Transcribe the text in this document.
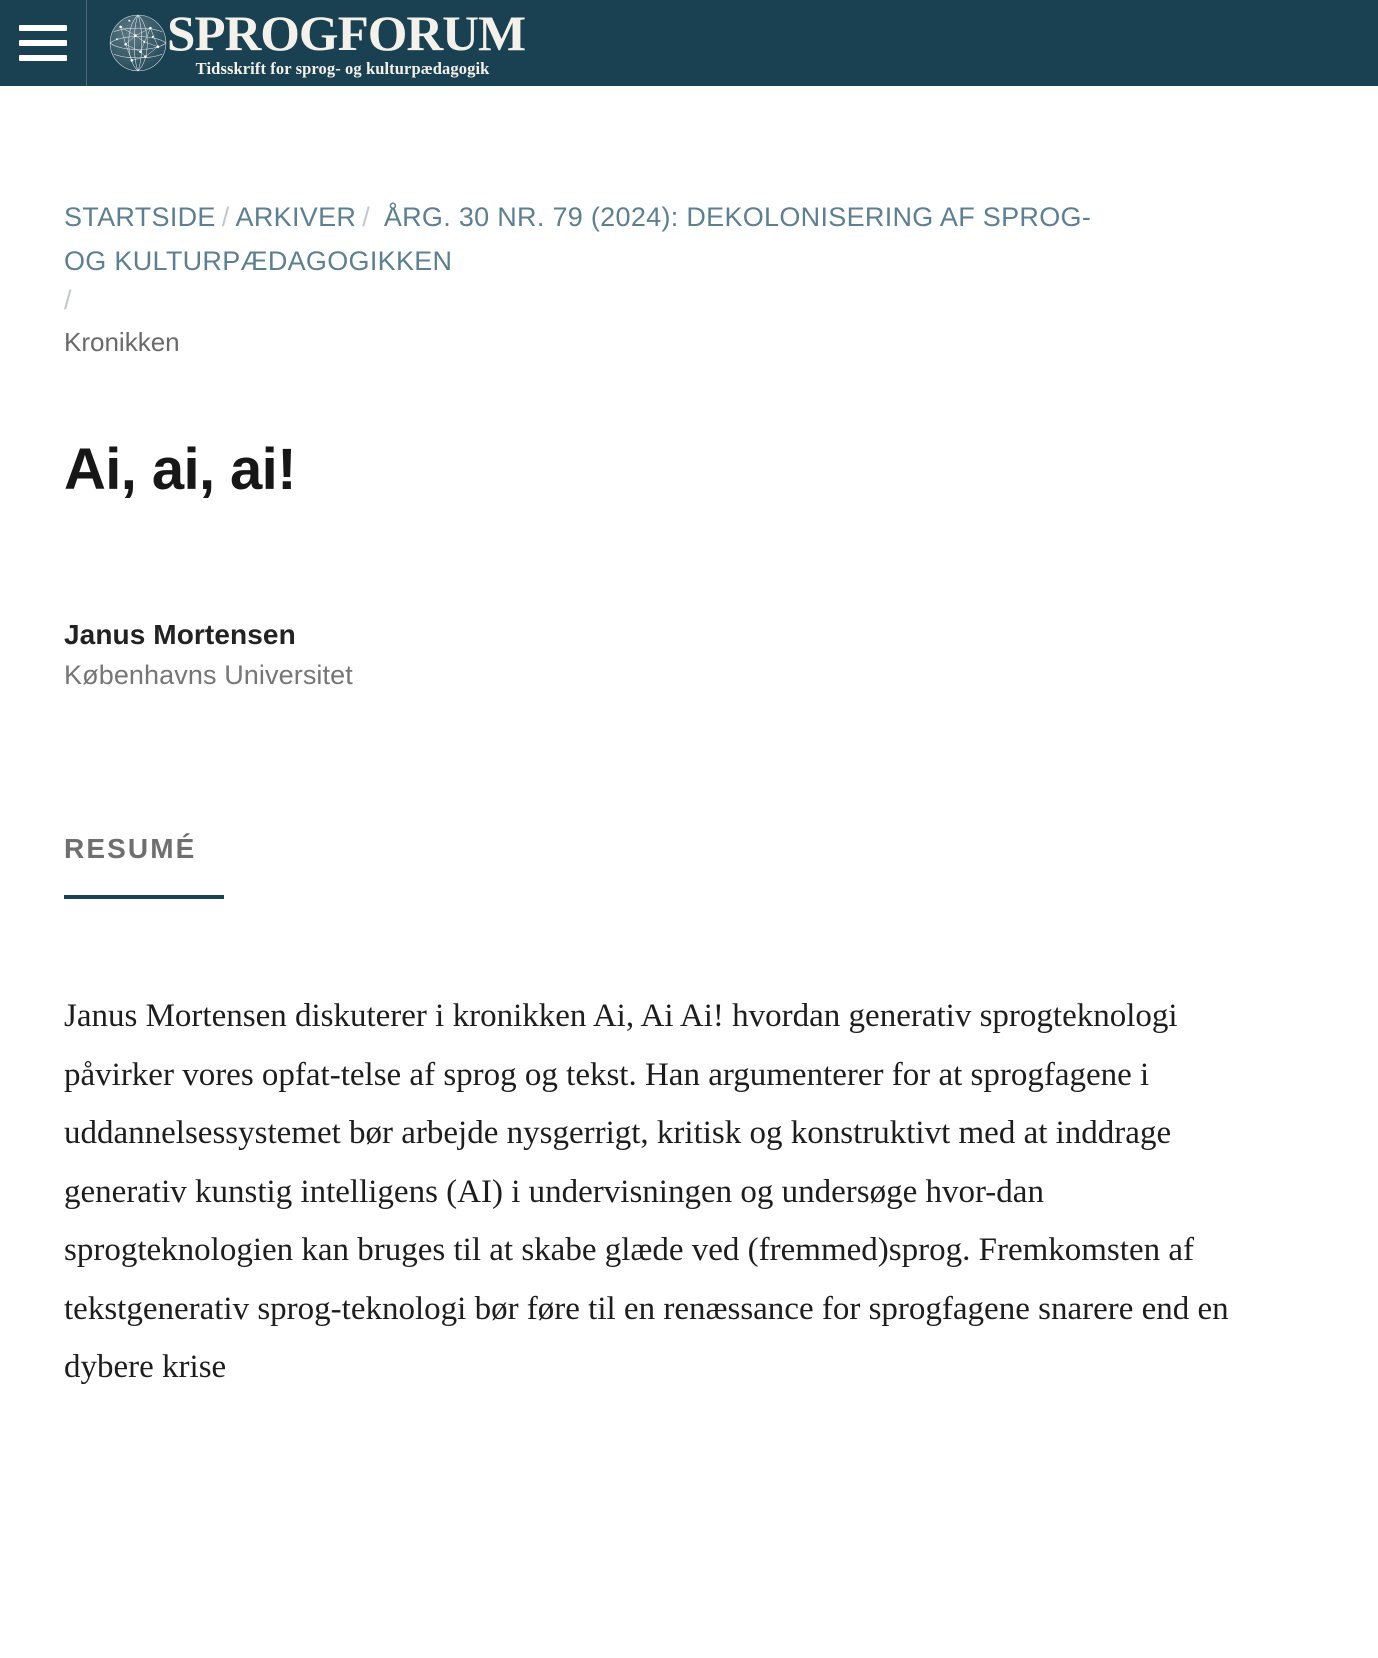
SPROGFORUM
Tidsskrift for sprog- og kulturpædagogik
STARTSIDE / ARKIVER / ÅRG. 30 NR. 79 (2024): DEKOLONISERING AF SPROG- OG KULTURPÆDAGOGIKKEN
/
Kronikken
Ai, ai, ai!
Janus Mortensen
Københavns Universitet
RESUMÉ

Janus Mortensen diskuterer i kronikken Ai, Ai Ai! hvordan generativ sprogteknologi påvirker vores opfat-telse af sprog og tekst. Han argumenterer for at sprogfagene i uddannelsessystemet bør arbejde nysgerrigt, kritisk og konstruktivt med at inddrage generativ kunstig intelligens (AI) i undervisningen og undersøge hvor-dan sprogteknologien kan bruges til at skabe glæde ved (fremmed)sprog. Fremkomsten af tekstgenerativ sprog-teknologi bør føre til en renæssance for sprogfagene snarere end en dybere krise
